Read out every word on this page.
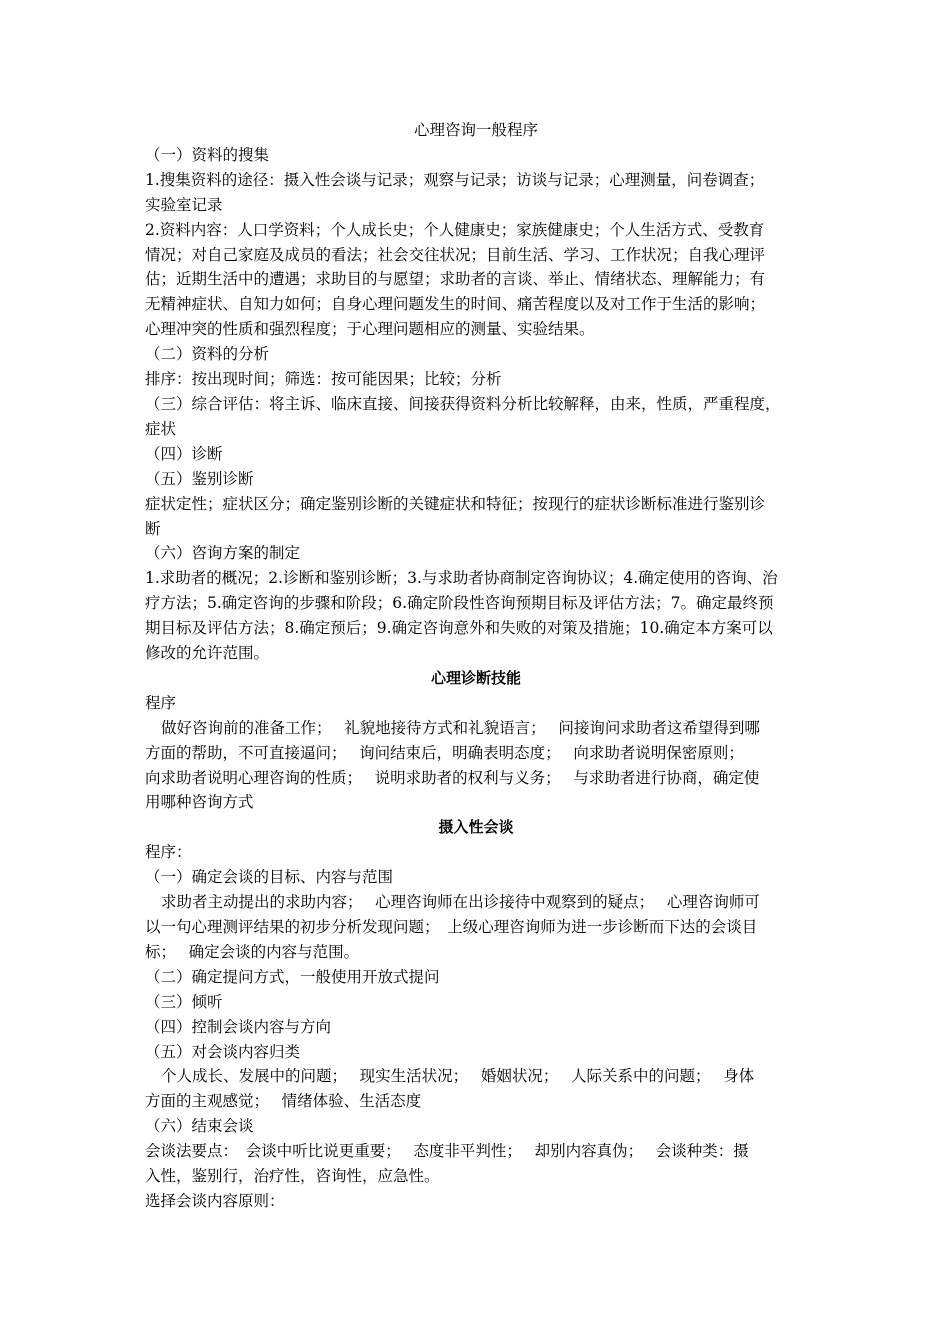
心理咨询一般程序

（一）资料的搜集

1.搜集资料的途径：摄入性会谈与记录；观察与记录；访谈与记录；心理测量，问卷调查；

实验室记录

2.资料内容：人口学资料；个人成长史；个人健康史；家族健康史；个人生活方式、受教育

情况；对自己家庭及成员的看法；社会交往状况；目前生活、学习、工作状况；自我心理评

估；近期生活中的遭遇；求助目的与愿望；求助者的言谈、举止、情绪状态、理解能力；有

无精神症状、自知力如何；自身心理问题发生的时间、痛苦程度以及对工作于生活的影响；

心理冲突的性质和强烈程度；于心理问题相应的测量、实验结果。

（二）资料的分析

排序：按出现时间；筛选：按可能因果；比较；分析

（三）综合评估：将主诉、临床直接、间接获得资料分析比较解释，由来，性质，严重程度，

症状

（四）诊断

（五）鉴别诊断

症状定性；症状区分；确定鉴别诊断的关键症状和特征；按现行的症状诊断标准进行鉴别诊

断

（六）咨询方案的制定

1.求助者的概况；2.诊断和鉴别诊断；3.与求助者协商制定咨询协议；4.确定使用的咨询、治

疗方法；5.确定咨询的步骤和阶段；6.确定阶段性咨询预期目标及评估方法；7。确定最终预

期目标及评估方法；8.确定预后；9.确定咨询意外和失败的对策及措施；10.确定本方案可以

修改的允许范围。

心理诊断技能

程序

做好咨询前的准备工作；　 礼貌地接待方式和礼貌语言；　 问接询问求助者这希望得到哪

方面的帮助，不可直接逼问；　 询问结束后，明确表明态度；　 向求助者说明保密原则；

向求助者说明心理咨询的性质；　 说明求助者的权利与义务；　 与求助者进行协商，确定使

用哪种咨询方式

摄入性会谈

程序：

（一）确定会谈的目标、内容与范围

求助者主动提出的求助内容；　 心理咨询师在出诊接待中观察到的疑点；　 心理咨询师可

以一句心理测评结果的初步分析发现问题；　上级心理咨询师为进一步诊断而下达的会谈目

标；　 确定会谈的内容与范围。

（二）确定提问方式，一般使用开放式提问

（三）倾听

（四）控制会谈内容与方向

（五）对会谈内容归类

个人成长、发展中的问题；　 现实生活状况；　 婚姻状况；　 人际关系中的问题；　 身体

方面的主观感觉；　 情绪体验、生活态度

（六）结束会谈

会谈法要点：　会谈中听比说更重要；　 态度非平判性；　 却别内容真伪；　 会谈种类：摄

入性，鉴别行，治疗性，咨询性，应急性。

选择会谈内容原则：
